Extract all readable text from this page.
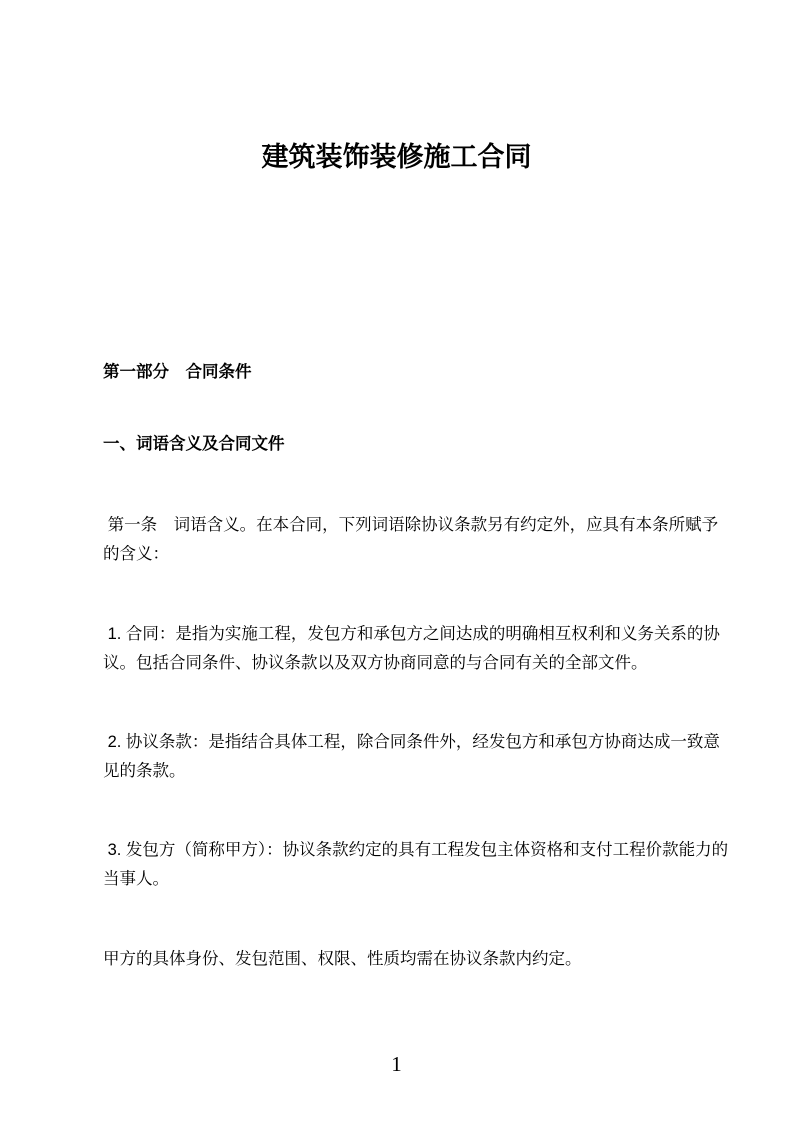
建筑装饰装修施工合同
第一部分　合同条件
一、词语含义及合同文件
第一条　词语含义。在本合同，下列词语除协议条款另有约定外，应具有本条所赋予
的含义：
1. 合同：是指为实施工程，发包方和承包方之间达成的明确相互权利和义务关系的协
议。包括合同条件、协议条款以及双方协商同意的与合同有关的全部文件。
2. 协议条款：是指结合具体工程，除合同条件外，经发包方和承包方协商达成一致意
见的条款。
3. 发包方（简称甲方）：协议条款约定的具有工程发包主体资格和支付工程价款能力的
当事人。
甲方的具体身份、发包范围、权限、性质均需在协议条款内约定。
1
